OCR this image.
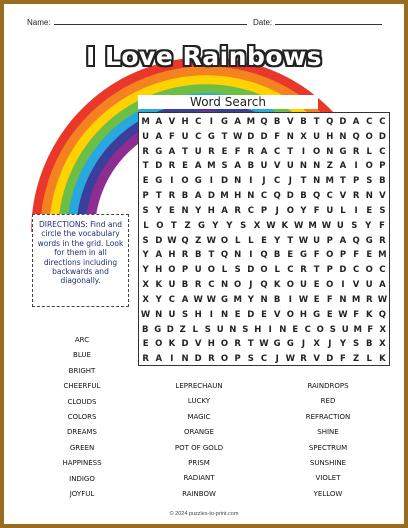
Name:	Date:
I Love Rainbows
Word Search
M A V H C I G A M Q B V B T Q D A C C
U A F U C G T W D D F N X U H N Q O D
R G A T U R E F R A C T	I O N G R L C
T D R E A M S A B U V U N N Z A I O P
E G I O G I D N I	J C J	T N M T P S B
P T R B A D M H N C Q D B Q C V R N V
S Y E N Y H A R C P J O Y F U L	I	E S
L O T Z G Y Y S X W K W M W U S Y F
S D W Q Z W O L L E Y T W U P A Q G R
Y A H R B T Q N I Q B E G F O P F E M
Y H O P U O L S D O L C R T P D C O C
X K U B R C N O J Q K O U E O I V U A
X Y C A W W G M Y N B I W E F N M R W
W N U S H I N E D E V O H G E W F K Q
B G D Z L S U N S H I N E C O S U M F X
E O K D V H O R T W G G J X J	Y S B X
R A I N D R O P S C J W R V D F Z L K
DIRECTIONS: Find and circle the vocabulary words in the grid. Look for them in all directions including backwards and diagonally.
ARC
BLUE
BRIGHT
CHEERFUL
CLOUDS
COLORS
DREAMS
GREEN
HAPPINESS
INDIGO
JOYFUL
LEPRECHAUN
LUCKY
MAGIC
ORANGE
POT OF GOLD
PRISM
RADIANT
RAINBOW
RAINDROPS
RED
REFRACTION
SHINE
SPECTRUM
SUNSHINE
VIOLET
YELLOW
© 2024 puzzles-to-print.com
